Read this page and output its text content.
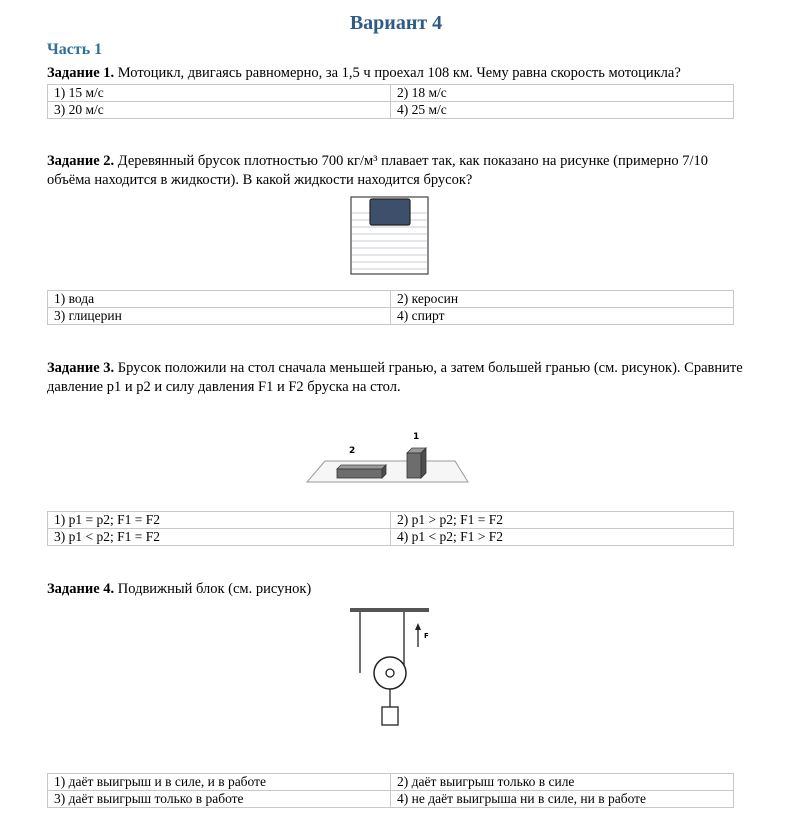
Вариант 4
Часть 1
Задание 1. Мотоцикл, двигаясь равномерно, за 1,5 ч проехал 108 км. Чему равна скорость мотоцикла?
1) 15 м/с	2) 18 м/с
3) 20 м/с	4) 25 м/с
Задание 2. Деревянный брусок плотностью 700 кг/м³ плавает так, как показано на рисунке (примерно 7/10 объёма находится в жидкости). В какой жидкости находится брусок?
1) вода	2) керосин
3) глицерин	4) спирт
Задание 3. Брусок положили на стол сначала меньшей гранью, а затем большей гранью (см. рисунок). Сравните давление p1 и p2 и силу давления F1 и F2 бруска на стол.
1
2
1) p1 = p2; F1 = F2	2) p1 > p2; F1 = F2
3) p1 < p2; F1 = F2	4) p1 < p2; F1 > F2
Задание 4. Подвижный блок (см. рисунок)
F
1) даёт выигрыш и в силе, и в работе	2) даёт выигрыш только в силе
3) даёт выигрыш только в работе	4) не даёт выигрыша ни в силе, ни в работе
